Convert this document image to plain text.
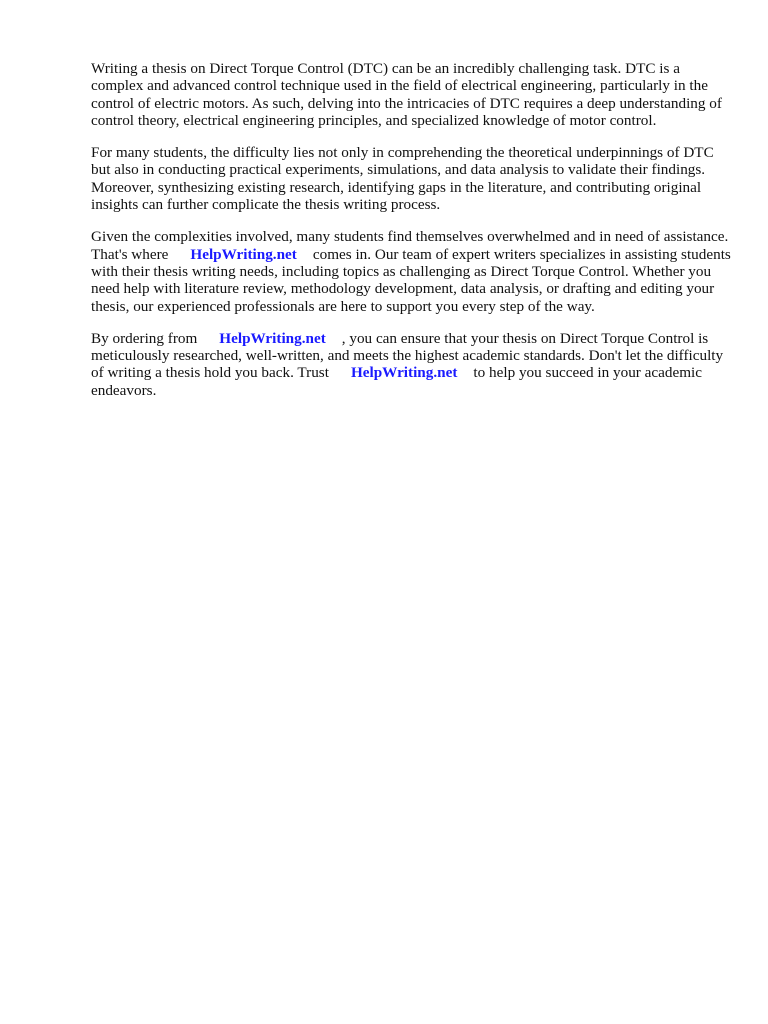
Writing a thesis on Direct Torque Control (DTC) can be an incredibly challenging task. DTC is a complex and advanced control technique used in the field of electrical engineering, particularly in the control of electric motors. As such, delving into the intricacies of DTC requires a deep understanding of control theory, electrical engineering principles, and specialized knowledge of motor control.

For many students, the difficulty lies not only in comprehending the theoretical underpinnings of DTC but also in conducting practical experiments, simulations, and data analysis to validate their findings. Moreover, synthesizing existing research, identifying gaps in the literature, and contributing original insights can further complicate the thesis writing process.

Given the complexities involved, many students find themselves overwhelmed and in need of assistance. That's where HelpWriting.net comes in. Our team of expert writers specializes in assisting students with their thesis writing needs, including topics as challenging as Direct Torque Control. Whether you need help with literature review, methodology development, data analysis, or drafting and editing your thesis, our experienced professionals are here to support you every step of the way.

By ordering from HelpWriting.net , you can ensure that your thesis on Direct Torque Control is meticulously researched, well-written, and meets the highest academic standards. Don't let the difficulty of writing a thesis hold you back. Trust HelpWriting.net to help you succeed in your academic endeavors.
